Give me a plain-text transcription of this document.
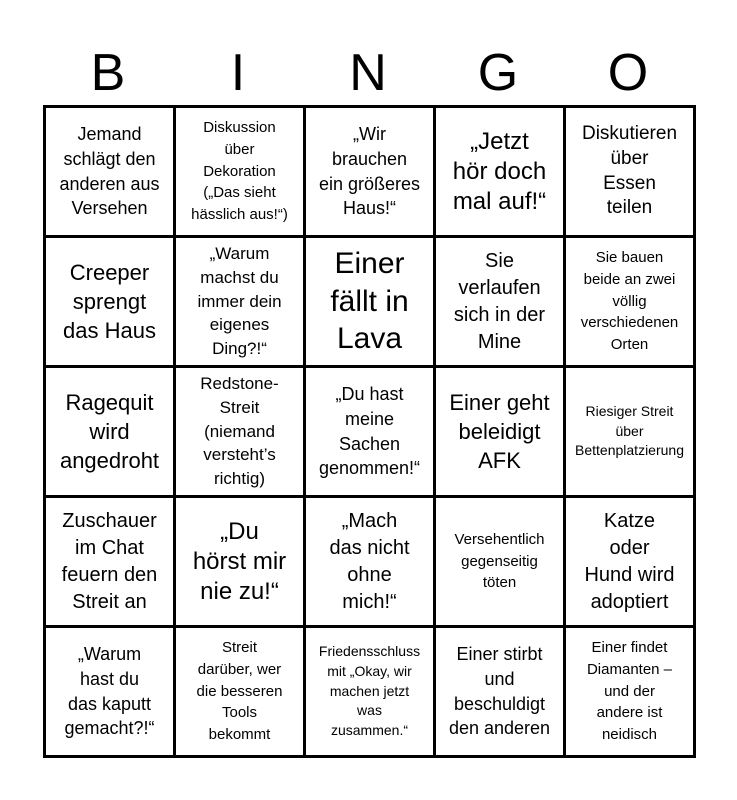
B	I	N	G	O
Jemand
schlägt den
anderen aus
Versehen
Diskussion
über
Dekoration
(„Das sieht
hässlich aus!“)
„Wir
brauchen
ein größeres
Haus!“
„Jetzt
hör doch
mal auf!“
Diskutieren
über
Essen
teilen
Creeper
sprengt
das Haus
„Warum
machst du
immer dein
eigenes
Ding?!“
Einer
fällt in
Lava
Sie
verlaufen
sich in der
Mine
Sie bauen
beide an zwei
völlig
verschiedenen
Orten
Ragequit
wird
angedroht
Redstone-
Streit
(niemand
versteht’s
richtig)
„Du hast
meine
Sachen
genommen!“
Einer geht
beleidigt
AFK
Riesiger Streit
über
Bettenplatzierung
Zuschauer
im Chat
feuern den
Streit an
„Du
hörst mir
nie zu!“
„Mach
das nicht
ohne
mich!“
Versehentlich
gegenseitig
töten
Katze
oder
Hund wird
adoptiert
„Warum
hast du
das kaputt
gemacht?!“
Streit
darüber, wer
die besseren
Tools
bekommt
Friedensschluss
mit „Okay, wir
machen jetzt
was
zusammen.“
Einer stirbt
und
beschuldigt
den anderen
Einer findet
Diamanten –
und der
andere ist
neidisch
